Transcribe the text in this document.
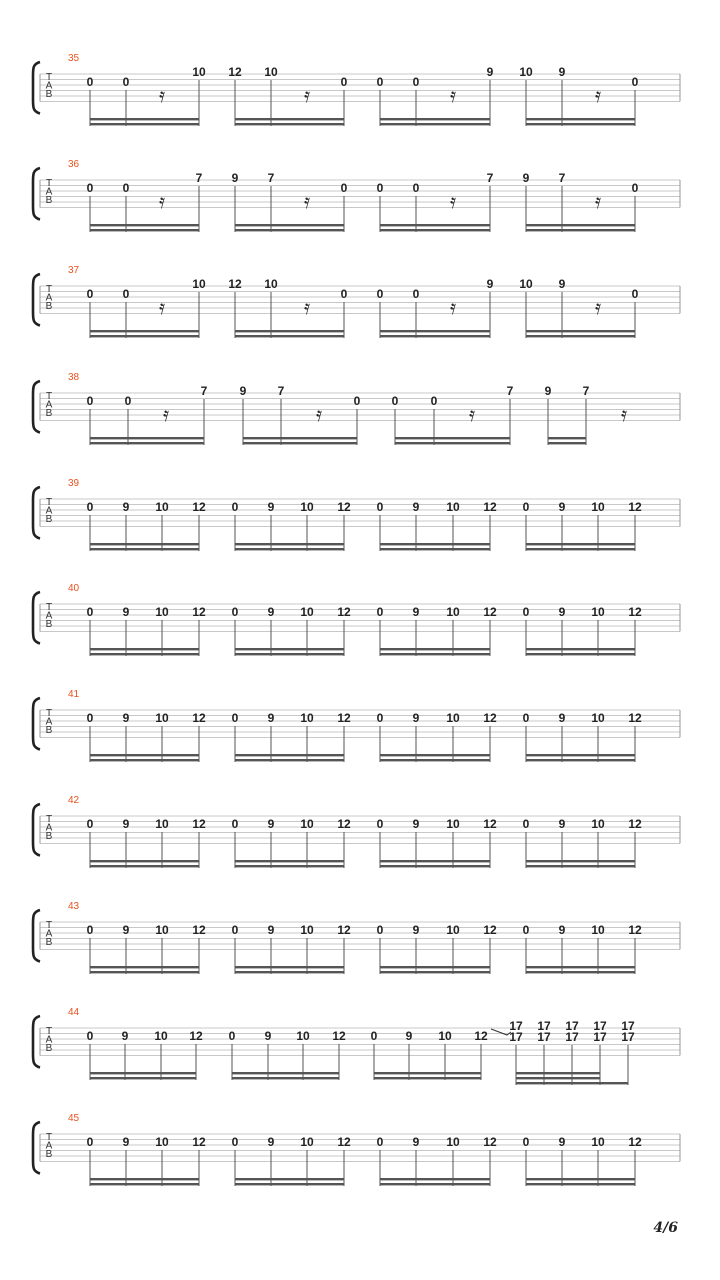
T
A
B
35
0 0
𝄿
10 12 10
𝄿
0 0 0
𝄿
9 10 9
𝄿
0
T
A
B
36
0 0
𝄿
7 9 7
𝄿
0 0 0
𝄿
7 9 7
𝄿
0
T
A
B
37
0 0
𝄿
10 12 10
𝄿
0 0 0
𝄿
9 10 9
𝄿
0
T
A
B
38
0	0
𝄿
7	9	7
𝄿
0	0	0
𝄿
7	9	7
𝄿
T
A
B
39
0 9 10 12 0 9 10 12 0 9 10 12 0 9 10 12
T
A
B
40
0 9 10 12 0 9 10 12 0 9 10 12 0 9 10 12
T
A
B
41
0 9 10 12 0 9 10 12 0 9 10 12 0 9 10 12
T
A
B
42
0 9 10 12 0 9 10 12 0 9 10 12 0 9 10 12
T
A
B
43
0 9 10 12 0 9 10 12 0 9 10 12 0 9 10 12
T
A
B
44
0 9 10 12 0 9 10 12 0 9 10 12
17
17
17
17
17
17
17
17
17
17
T
A
B
45
0 9 10 12 0 9 10 12 0 9 10 12 0 9 10 12
4/6
